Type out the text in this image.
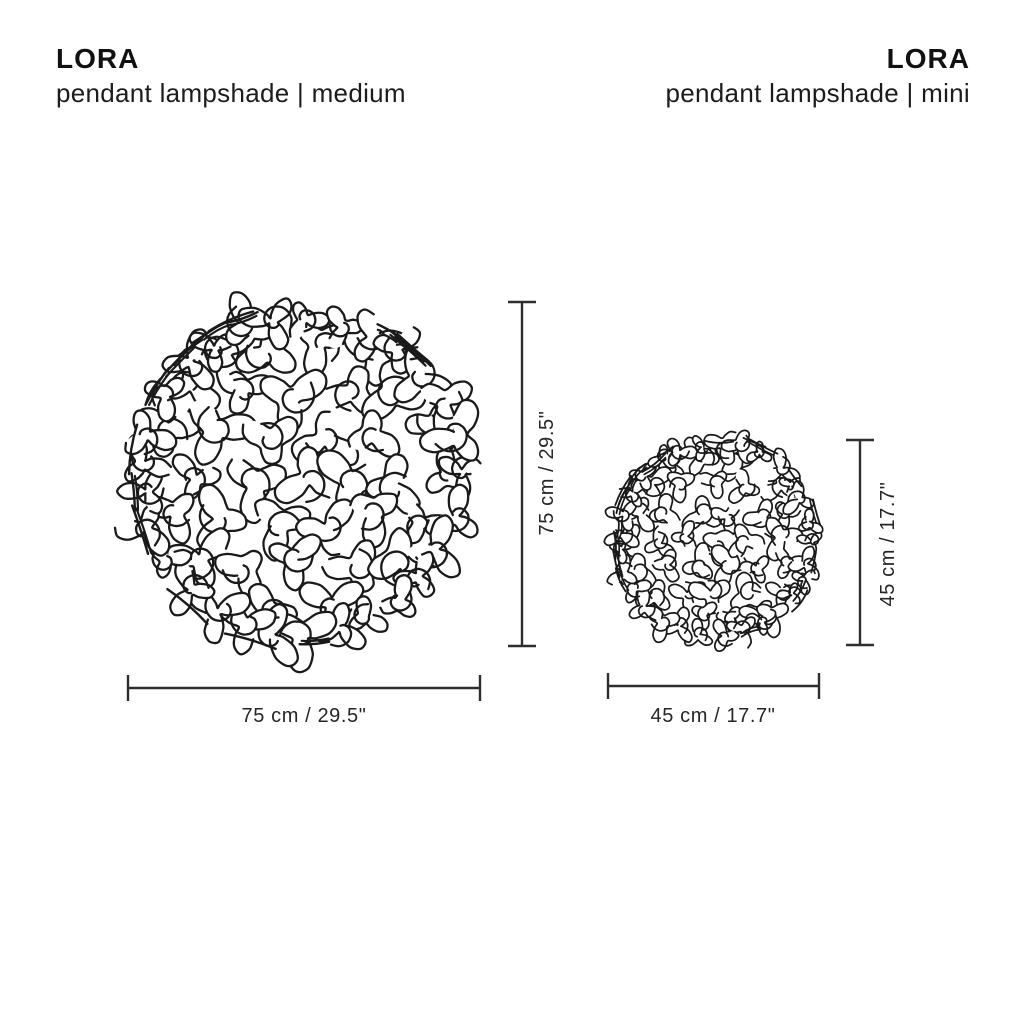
LORA
pendant lampshade | medium
LORA
pendant lampshade | mini
75 cm / 29.5"
75 cm / 29.5"
45 cm / 17.7"
45 cm / 17.7"
